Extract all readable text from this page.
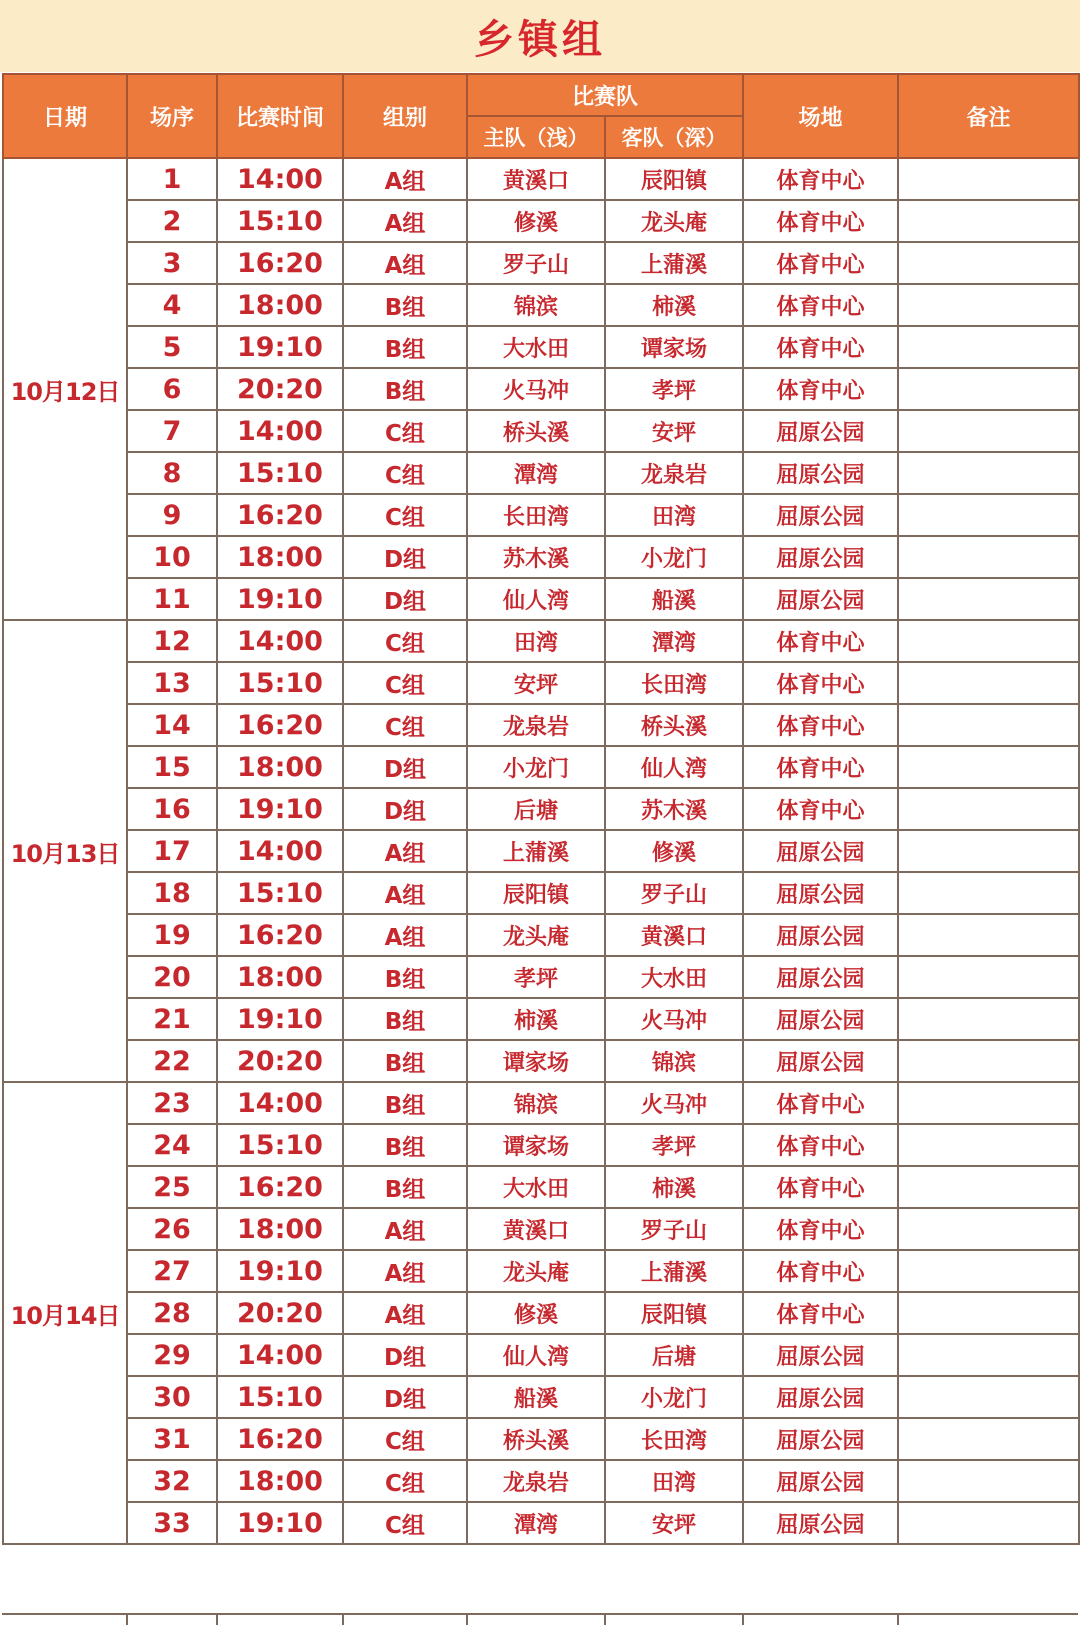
乡镇组
日期	场序	比赛时间	组别	比赛队		场地	备注
				主队（浅）	客队（深）		
10月12日	1	14:00	A组	黄溪口	辰阳镇	体育中心	
	2	15:10	A组	修溪	龙头庵	体育中心	
	3	16:20	A组	罗子山	上蒲溪	体育中心	
	4	18:00	B组	锦滨	柿溪	体育中心	
	5	19:10	B组	大水田	谭家场	体育中心	
	6	20:20	B组	火马冲	孝坪	体育中心	
	7	14:00	C组	桥头溪	安坪	屈原公园	
	8	15:10	C组	潭湾	龙泉岩	屈原公园	
	9	16:20	C组	长田湾	田湾	屈原公园	
	10	18:00	D组	苏木溪	小龙门	屈原公园	
	11	19:10	D组	仙人湾	船溪	屈原公园	
10月13日	12	14:00	C组	田湾	潭湾	体育中心	
	13	15:10	C组	安坪	长田湾	体育中心	
	14	16:20	C组	龙泉岩	桥头溪	体育中心	
	15	18:00	D组	小龙门	仙人湾	体育中心	
	16	19:10	D组	后塘	苏木溪	体育中心	
	17	14:00	A组	上蒲溪	修溪	屈原公园	
	18	15:10	A组	辰阳镇	罗子山	屈原公园	
	19	16:20	A组	龙头庵	黄溪口	屈原公园	
	20	18:00	B组	孝坪	大水田	屈原公园	
	21	19:10	B组	柿溪	火马冲	屈原公园	
	22	20:20	B组	谭家场	锦滨	屈原公园	
10月14日	23	14:00	B组	锦滨	火马冲	体育中心	
	24	15:10	B组	谭家场	孝坪	体育中心	
	25	16:20	B组	大水田	柿溪	体育中心	
	26	18:00	A组	黄溪口	罗子山	体育中心	
	27	19:10	A组	龙头庵	上蒲溪	体育中心	
	28	20:20	A组	修溪	辰阳镇	体育中心	
	29	14:00	D组	仙人湾	后塘	屈原公园	
	30	15:10	D组	船溪	小龙门	屈原公园	
	31	16:20	C组	桥头溪	长田湾	屈原公园	
	32	18:00	C组	龙泉岩	田湾	屈原公园	
	33	19:10	C组	潭湾	安坪	屈原公园	
